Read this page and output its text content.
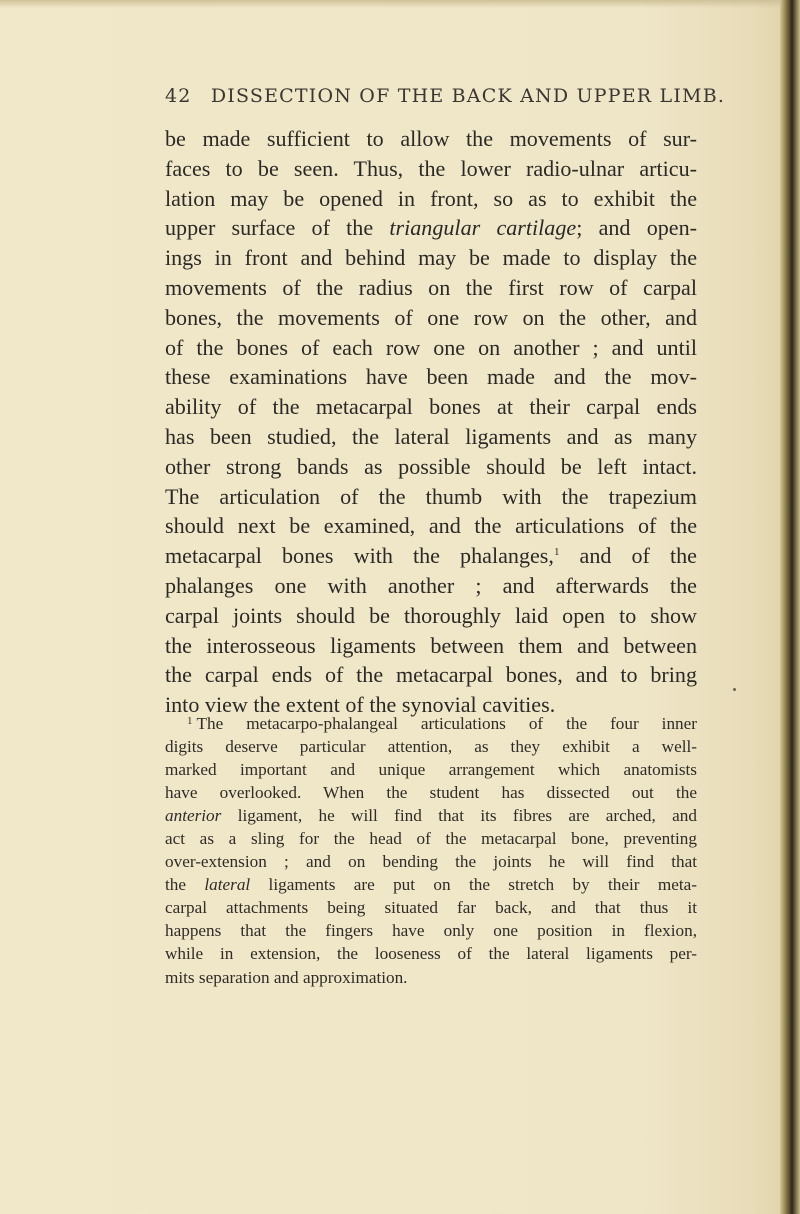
42 DISSECTION OF THE BACK AND UPPER LIMB.
be made sufficient to allow the movements of sur-
faces to be seen. Thus, the lower radio-ulnar articu-
lation may be opened in front, so as to exhibit the
upper surface of the triangular cartilage; and open-
ings in front and behind may be made to display the
movements of the radius on the first row of carpal
bones, the movements of one row on the other, and
of the bones of each row one on another ; and until
these examinations have been made and the mov-
ability of the metacarpal bones at their carpal ends
has been studied, the lateral ligaments and as many
other strong bands as possible should be left intact.
The articulation of the thumb with the trapezium
should next be examined, and the articulations of the
metacarpal bones with the phalanges,$^1$ and of the
phalanges one with another ; and afterwards the
carpal joints should be thoroughly laid open to show
the interosseous ligaments between them and between
the carpal ends of the metacarpal bones, and to bring
into view the extent of the synovial cavities.
$^1$ The metacarpo-phalangeal articulations of the four inner
digits deserve particular attention, as they exhibit a well-
marked important and unique arrangement which anatomists
have overlooked. When the student has dissected out the
anterior ligament, he will find that its fibres are arched, and
act as a sling for the head of the metacarpal bone, preventing
over-extension ; and on bending the joints he will find that
the lateral ligaments are put on the stretch by their meta-
carpal attachments being situated far back, and that thus it
happens that the fingers have only one position in flexion,
while in extension, the looseness of the lateral ligaments per-
mits separation and approximation.
